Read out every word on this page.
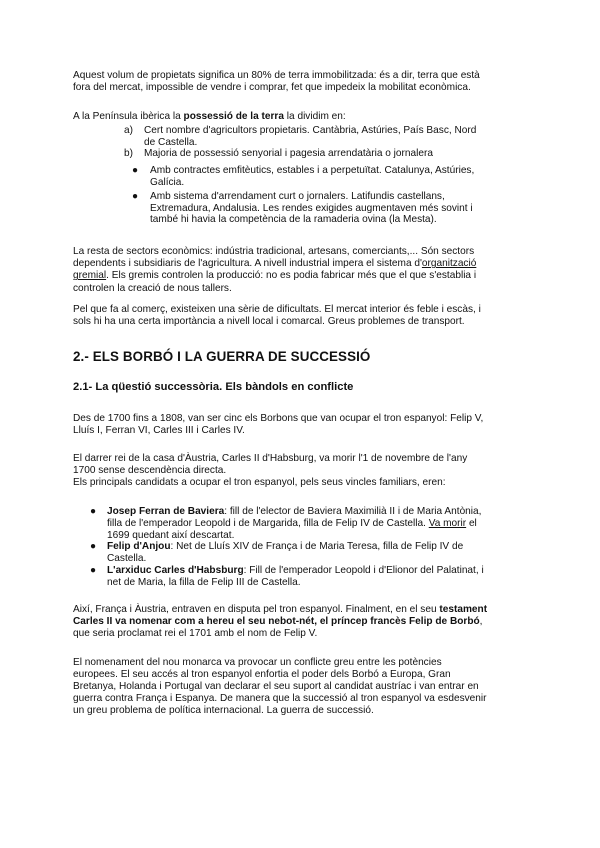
Aquest volum de propietats significa un 80% de terra immobilitzada: és a dir, terra que està
fora del mercat, impossible de vendre i comprar, fet que impedeix la mobilitat econòmica.

A la Península ibèrica la possessió de la terra la dividim en:

a) Cert nombre d'agricultors propietaris. Cantàbria, Astúries, País Basc, Nord
de Castella.
b) Majoria de possessió senyorial i pagesia arrendatària o jornalera
● Amb contractes emfitèutics, estables i a perpetuïtat. Catalunya, Astúries,
Galícia.
● Amb sistema d'arrendament curt o jornalers. Latifundis castellans,
Extremadura, Andalusia. Les rendes exigides augmentaven més sovint i
també hi havia la competència de la ramaderia ovina (la Mesta).

La resta de sectors econòmics: indústria tradicional, artesans, comerciants,... Són sectors
dependents i subsidiaris de l'agricultura. A nivell industrial impera el sistema d'organització
gremial. Els gremis controlen la producció: no es podia fabricar més que el que s'establia i
controlen la creació de nous tallers.

Pel que fa al comerç, existeixen una sèrie de dificultats. El mercat interior és feble i escàs, i
sols hi ha una certa importància a nivell local i comarcal. Greus problemes de transport.

2.- ELS BORBÓ I LA GUERRA DE SUCCESSIÓ
2.1- La qüestió successòria. Els bàndols en conflicte

Des de 1700 fins a 1808, van ser cinc els Borbons que van ocupar el tron espanyol: Felip V,
Lluís I, Ferran VI, Carles III i Carles IV.

El darrer rei de la casa d'Àustria, Carles II d'Habsburg, va morir l'1 de novembre de l'any
1700 sense descendència directa.
Els principals candidats a ocupar el tron espanyol, pels seus vincles familiars, eren:

● Josep Ferran de Baviera: fill de l'elector de Baviera Maximilià II i de Maria Antònia,
filla de l'emperador Leopold i de Margarida, filla de Felip IV de Castella. Va morir el
1699 quedant així descartat.
● Felip d'Anjou: Net de Lluís XIV de França i de Maria Teresa, filla de Felip IV de
Castella.
● L'arxiduc Carles d'Habsburg: Fill de l'emperador Leopold i d'Elionor del Palatinat, i
net de Maria, la filla de Felip III de Castella.

Així, França i Àustria, entraven en disputa pel tron espanyol. Finalment, en el seu testament
Carles II va nomenar com a hereu el seu nebot-nét, el príncep francès Felip de Borbó,
que seria proclamat rei el 1701 amb el nom de Felip V.

El nomenament del nou monarca va provocar un conflicte greu entre les potències
europees. El seu accés al tron espanyol enfortia el poder dels Borbó a Europa, Gran
Bretanya, Holanda i Portugal van declarar el seu suport al candidat austríac i van entrar en
guerra contra França i Espanya. De manera que la successió al tron espanyol va esdesvenir
un greu problema de política internacional. La guerra de successió.
